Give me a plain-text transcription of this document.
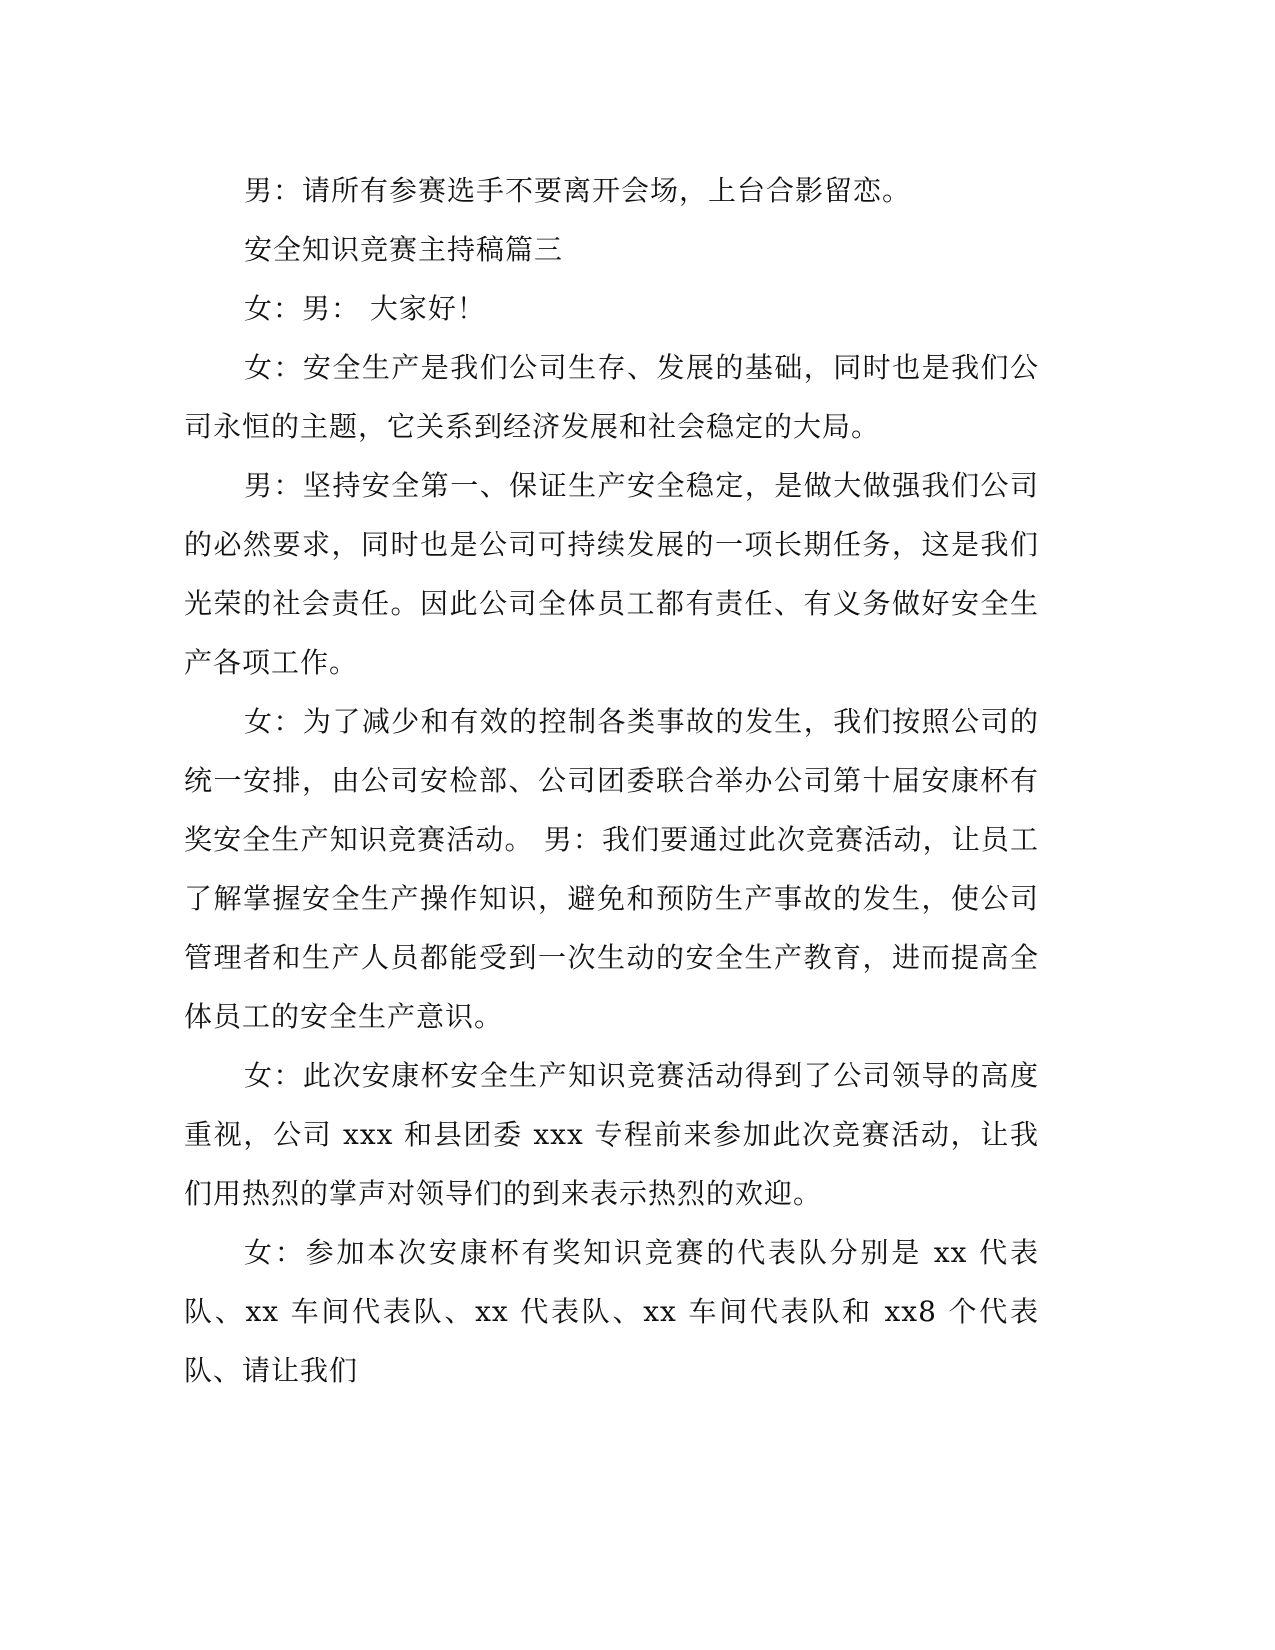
男：请所有参赛选手不要离开会场，上台合影留恋。

安全知识竞赛主持稿篇三

女：男： 大家好！

女：安全生产是我们公司生存、发展的基础，同时也是我们公司永恒的主题，它关系到经济发展和社会稳定的大局。

男：坚持安全第一、保证生产安全稳定，是做大做强我们公司的必然要求，同时也是公司可持续发展的一项长期任务，这是我们光荣的社会责任。因此公司全体员工都有责任、有义务做好安全生产各项工作。

女：为了减少和有效的控制各类事故的发生，我们按照公司的统一安排，由公司安检部、公司团委联合举办公司第十届安康杯有奖安全生产知识竞赛活动。 男：我们要通过此次竞赛活动，让员工了解掌握安全生产操作知识，避免和预防生产事故的发生，使公司管理者和生产人员都能受到一次生动的安全生产教育，进而提高全体员工的安全生产意识。

女：此次安康杯安全生产知识竞赛活动得到了公司领导的高度重视，公司 xxx 和县团委 xxx 专程前来参加此次竞赛活动，让我们用热烈的掌声对领导们的到来表示热烈的欢迎。

女：参加本次安康杯有奖知识竞赛的代表队分别是 xx 代表队、xx 车间代表队、xx 代表队、xx 车间代表队和 xx8 个代表队、请让我们
